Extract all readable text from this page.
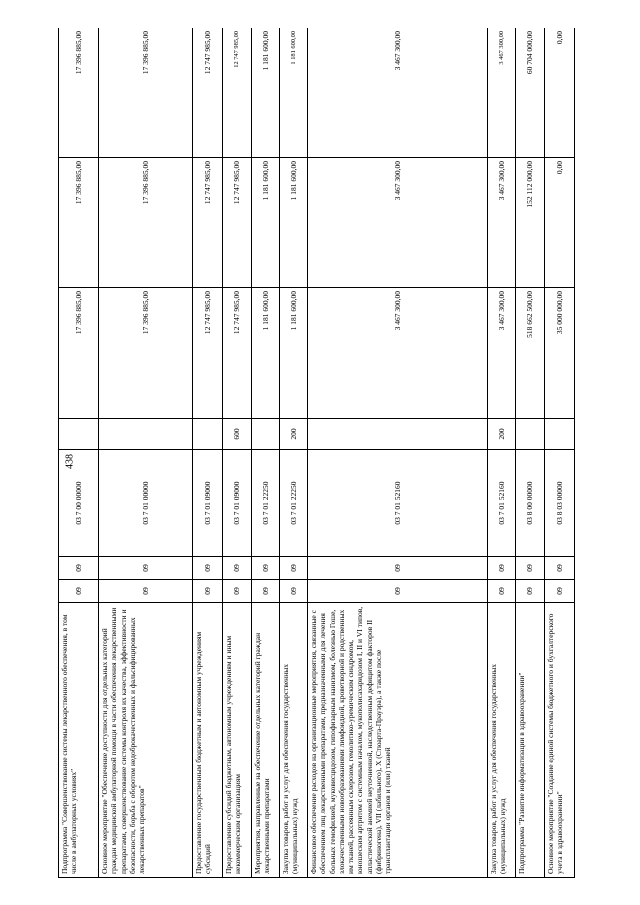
438
Подпрограмма "Совершенствование системы лекарственного обеспечения, в том числе в амбулаторных условиях"	09	09	03 7 00 00000		17 396 885,00	17 396 885,00	17 396 885,00
Основное мероприятие "Обеспечение доступности для отдельных категорий граждан медицинской амбулаторной помощи в части обеспечения лекарственными препаратами, совершенствование системы контроля их качества, эффективности и безопасности, борьба с оборотом недоброкачественных и фальсифицированных лекарственных препаратов"	09	09	03 7 01 00000		17 396 885,00	17 396 885,00	17 396 885,00
Предоставление государственным бюджетным и автономным учреждениям субсидий	09	09	03 7 01 09000		12 747 985,00	12 747 985,00	12 747 985,00
Предоставление субсидий бюджетным, автономным учреждениям и иным некоммерческим организациям	09	09	03 7 01 09000	600	12 747 985,00	12 747 985,00	12 747 985,00
Мероприятия, направленные на обеспечение отдельных категорий граждан лекарственными препаратами	09	09	03 7 01 22250		1 181 600,00	1 181 600,00	1 181 600,00
Закупка товаров, работ и услуг для обеспечения государственных (муниципальных) нужд	09	09	03 7 01 22250	200	1 181 600,00	1 181 600,00	1 181 600,00
Финансовое обеспечение расходов на организационные мероприятия, связанные с обеспечением лиц лекарственными препаратами, предназначенными для лечения больных гемофилией, муковисцидозом, гипофизарным нанизмом, болезнью Гоше, злокачественными новообразованиями лимфоидной, кроветворной и родственных им тканей, рассеянным склерозом, гемолитико-уремическим синдромом, юношеским артритом с системным началом, мукополисахаридозом I, II и VI типов, апластической анемией неуточненной, наследственным дефицитом факторов II (фибриногена), VII (лабильного), X (Стюарта-Прауэра), а также после трансплантации органов и (или) тканей	09	09	03 7 01 52160		3 467 300,00	3 467 300,00	3 467 300,00
Закупка товаров, работ и услуг для обеспечения государственных (муниципальных) нужд	09	09	03 7 01 52160	200	3 467 300,00	3 467 300,00	3 467 300,00
Подпрограмма "Развитие информатизации в здравоохранении"	09	09	03 8 00 00000		518 662 500,00	152 112 000,00	60 704 000,00
Основное мероприятие "Создание единой системы бюджетного и бухгалтерского учета в здравоохранении"	09	09	03 8 03 00000		35 000 000,00	0,00	0,00
